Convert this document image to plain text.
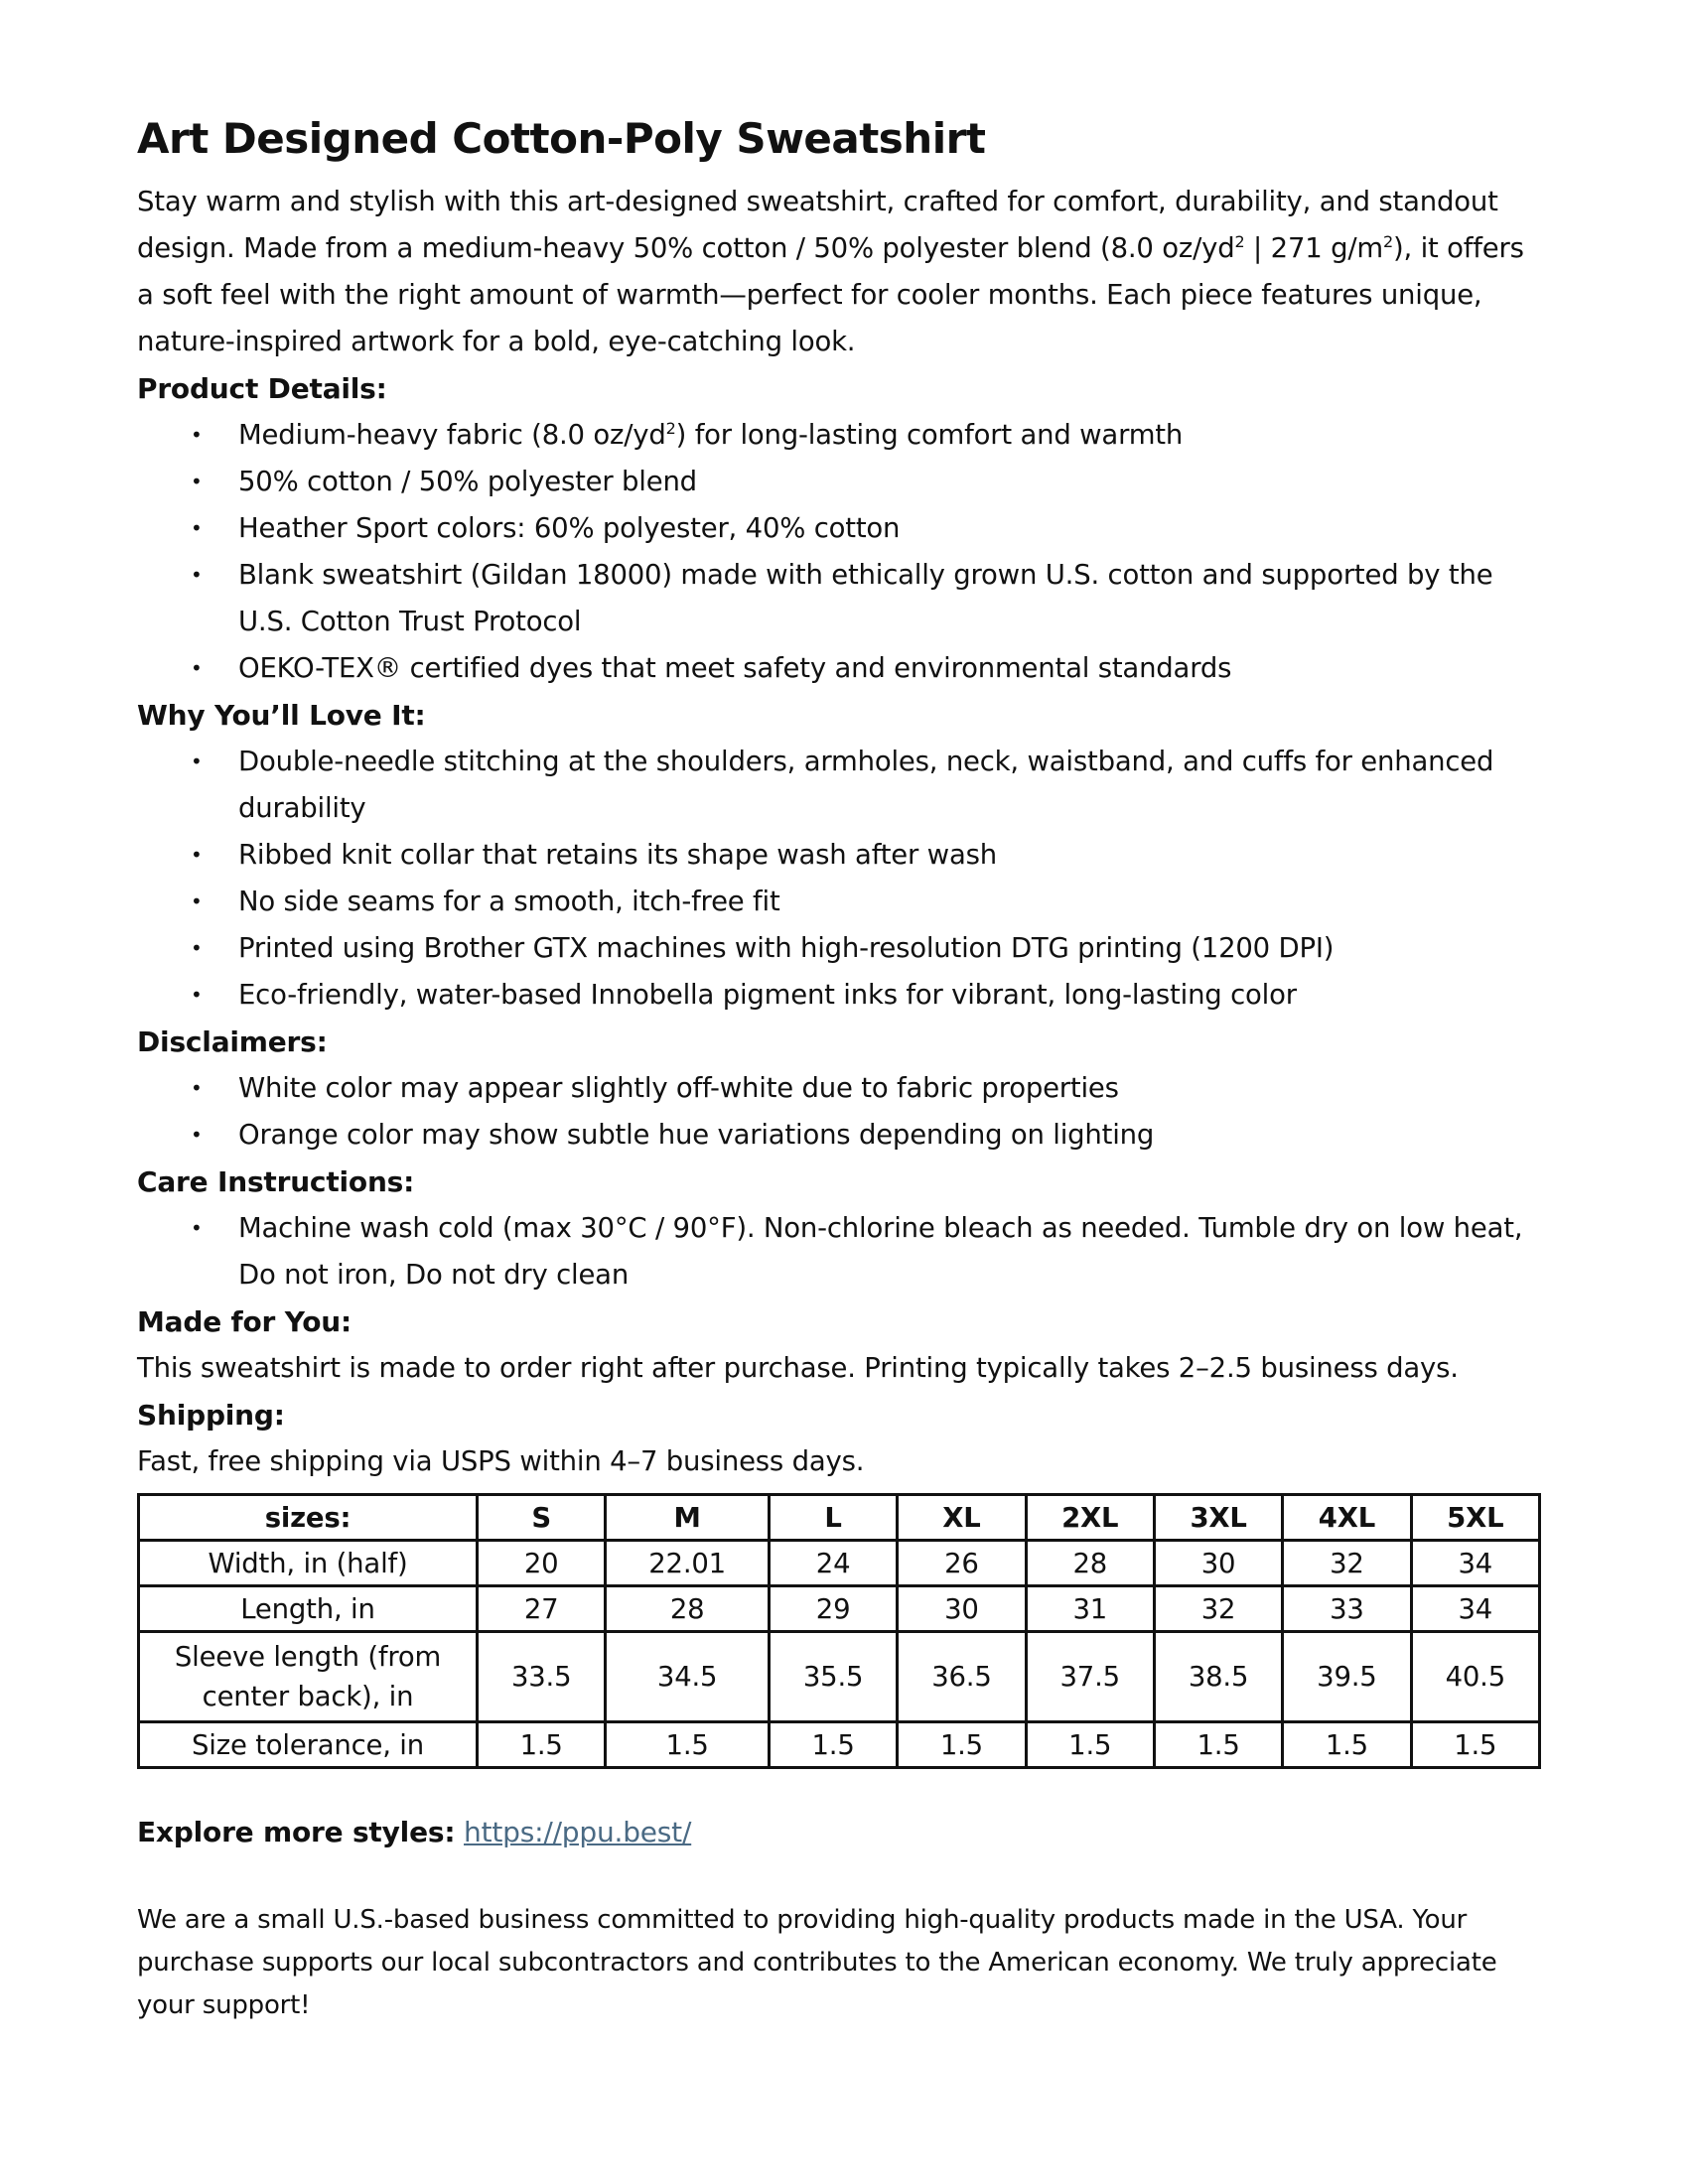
Art Designed Cotton-Poly Sweatshirt

Stay warm and stylish with this art-designed sweatshirt, crafted for comfort, durability, and standout design. Made from a medium-heavy 50% cotton / 50% polyester blend (8.0 $oz/yd^2$ | 271 $g/m^2$), it offers a soft feel with the right amount of warmth—perfect for cooler months. Each piece features unique, nature-inspired artwork for a bold, eye-catching look.

Product Details:

• Medium-heavy fabric (8.0 $oz/yd^2$) for long-lasting comfort and warmth
• 50% cotton / 50% polyester blend
• Heather Sport colors: 60% polyester, 40% cotton
• Blank sweatshirt (Gildan 18000) made with ethically grown U.S. cotton and supported by the U.S. Cotton Trust Protocol
• OEKO-TEX® certified dyes that meet safety and environmental standards

Why You’ll Love It:

• Double-needle stitching at the shoulders, armholes, neck, waistband, and cuffs for enhanced durability
• Ribbed knit collar that retains its shape wash after wash
• No side seams for a smooth, itch-free fit
• Printed using Brother GTX machines with high-resolution DTG printing (1200 DPI)
• Eco-friendly, water-based Innobella pigment inks for vibrant, long-lasting color

Disclaimers:

• White color may appear slightly off-white due to fabric properties
• Orange color may show subtle hue variations depending on lighting

Care Instructions:

• Machine wash cold (max 30°C / 90°F). Non-chlorine bleach as needed. Tumble dry on low heat, Do not iron, Do not dry clean

Made for You:

This sweatshirt is made to order right after purchase. Printing typically takes 2–2.5 business days.

Shipping:

Fast, free shipping via USPS within 4–7 business days.

sizes:	S	M	L	XL	2XL	3XL	4XL	5XL
Width, in (half)	20	22.01	24	26	28	30	32	34
Length, in	27	28	29	30	31	32	33	34
Sleeve length (from center back), in	33.5	34.5	35.5	36.5	37.5	38.5	39.5	40.5
Size tolerance, in	1.5	1.5	1.5	1.5	1.5	1.5	1.5	1.5

Explore more styles: https://ppu.best/

We are a small U.S.-based business committed to providing high-quality products made in the USA. Your purchase supports our local subcontractors and contributes to the American economy. We truly appreciate your support!
